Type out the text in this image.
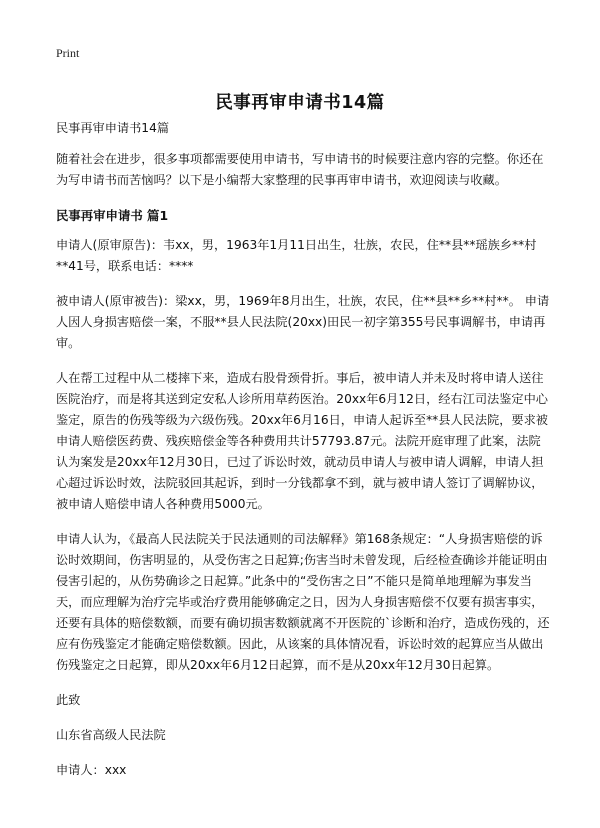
Print
民事再审申请书14篇

民事再审申请书14篇

随着社会在进步，很多事项都需要使用申请书，写申请书的时候要注意内容的完整。你还在为写申请书而苦恼吗？以下是小编帮大家整理的民事再审申请书，欢迎阅读与收藏。

民事再审申请书 篇1

申请人(原审原告)：韦xx，男，1963年1月11日出生，壮族，农民，住**县**瑶族乡**村**41号，联系电话：****

被申请人(原审被告)：梁xx，男，1969年8月出生，壮族，农民，住**县**乡**村**。 申请人因人身损害赔偿一案，不服**县人民法院(20xx)田民一初字第355号民事调解书，申请再审。

人在帮工过程中从二楼摔下来，造成右股骨颈骨折。事后，被申请人并未及时将申请人送往医院治疗，而是将其送到定安私人诊所用草药医治。20xx年6月12日，经右江司法鉴定中心鉴定，原告的伤残等级为六级伤残。20xx年6月16日，申请人起诉至**县人民法院，要求被申请人赔偿医药费、残疾赔偿金等各种费用共计57793.87元。法院开庭审理了此案，法院认为案发是20xx年12月30日，已过了诉讼时效，就动员申请人与被申请人调解，申请人担心超过诉讼时效，法院驳回其起诉，到时一分钱都拿不到，就与被申请人签订了调解协议，被申请人赔偿申请人各种费用5000元。

申请人认为，《最高人民法院关于民法通则的司法解释》第168条规定：“人身损害赔偿的诉讼时效期间，伤害明显的，从受伤害之日起算;伤害当时未曾发现，后经检查确诊并能证明由侵害引起的，从伤势确诊之日起算。”此条中的“受伤害之日”不能只是简单地理解为事发当天，而应理解为治疗完毕或治疗费用能够确定之日，因为人身损害赔偿不仅要有损害事实，还要有具体的赔偿数额，而要有确切损害数额就离不开医院的`诊断和治疗，造成伤残的，还应有伤残鉴定才能确定赔偿数额。因此，从该案的具体情况看，诉讼时效的起算应当从做出伤残鉴定之日起算，即从20xx年6月12日起算，而不是从20xx年12月30日起算。

此致

山东省高级人民法院

申请人：xxx
